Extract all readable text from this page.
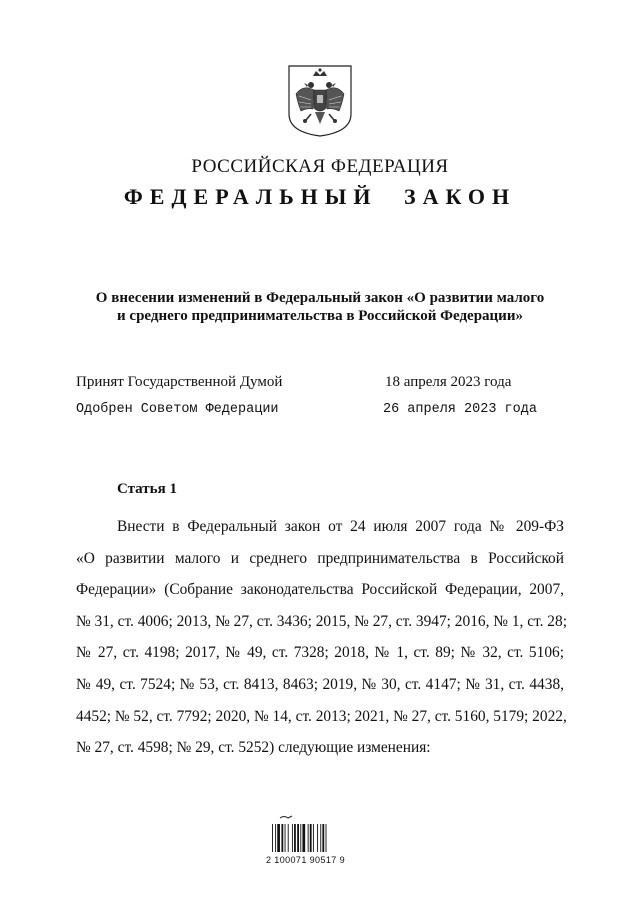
РОССИЙСКАЯ ФЕДЕРАЦИЯ
ФЕДЕРАЛЬНЫЙ ЗАКОН
О внесении изменений в Федеральный закон «О развитии малого
и среднего предпринимательства в Российской Федерации»
Принят Государственной Думой	18 апреля 2023 года
Одобрен Советом Федерации	26 апреля 2023 года
Статья 1
Внести в Федеральный закон от 24 июля 2007 года № 209-ФЗ
«О развитии малого и среднего предпринимательства в Российской
Федерации» (Собрание законодательства Российской Федерации, 2007,
№ 31, ст. 4006; 2013, № 27, ст. 3436; 2015, № 27, ст. 3947; 2016, № 1, ст. 28;
№ 27, ст. 4198; 2017, № 49, ст. 7328; 2018, № 1, ст. 89; № 32, ст. 5106;
№ 49, ст. 7524; № 53, ст. 8413, 8463; 2019, № 30, ст. 4147; № 31, ст. 4438,
4452; № 52, ст. 7792; 2020, № 14, ст. 2013; 2021, № 27, ст. 5160, 5179; 2022,
№ 27, ст. 4598; № 29, ст. 5252) следующие изменения:
2 100071 90517 9
